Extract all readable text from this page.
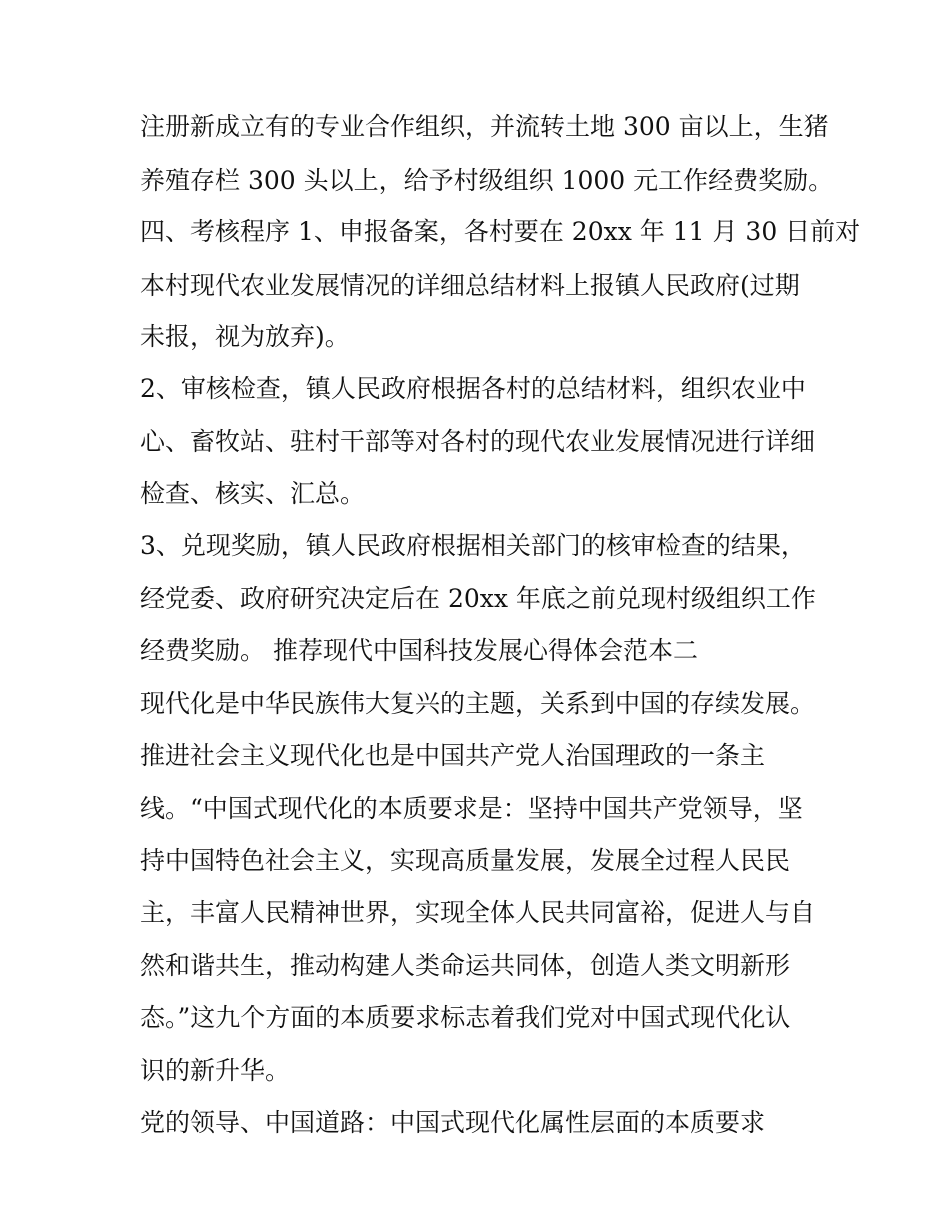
注册新成立有的专业合作组织，并流转土地 300 亩以上，生猪
养殖存栏 300 头以上，给予村级组织 1000 元工作经费奖励。
四、考核程序 1、申报备案，各村要在 20xx 年 11 月 30 日前对
本村现代农业发展情况的详细总结材料上报镇人民政府(过期
未报，视为放弃)。
2、审核检查，镇人民政府根据各村的总结材料，组织农业中
心、畜牧站、驻村干部等对各村的现代农业发展情况进行详细
检查、核实、汇总。
3、兑现奖励，镇人民政府根据相关部门的核审检查的结果，
经党委、政府研究决定后在 20xx 年底之前兑现村级组织工作
经费奖励。 推荐现代中国科技发展心得体会范本二
现代化是中华民族伟大复兴的主题，关系到中国的存续发展。
推进社会主义现代化也是中国共产党人治国理政的一条主
线。“中国式现代化的本质要求是：坚持中国共产党领导，坚
持中国特色社会主义，实现高质量发展，发展全过程人民民
主，丰富人民精神世界，实现全体人民共同富裕，促进人与自
然和谐共生，推动构建人类命运共同体，创造人类文明新形
态。”这九个方面的本质要求标志着我们党对中国式现代化认
识的新升华。
党的领导、中国道路：中国式现代化属性层面的本质要求
